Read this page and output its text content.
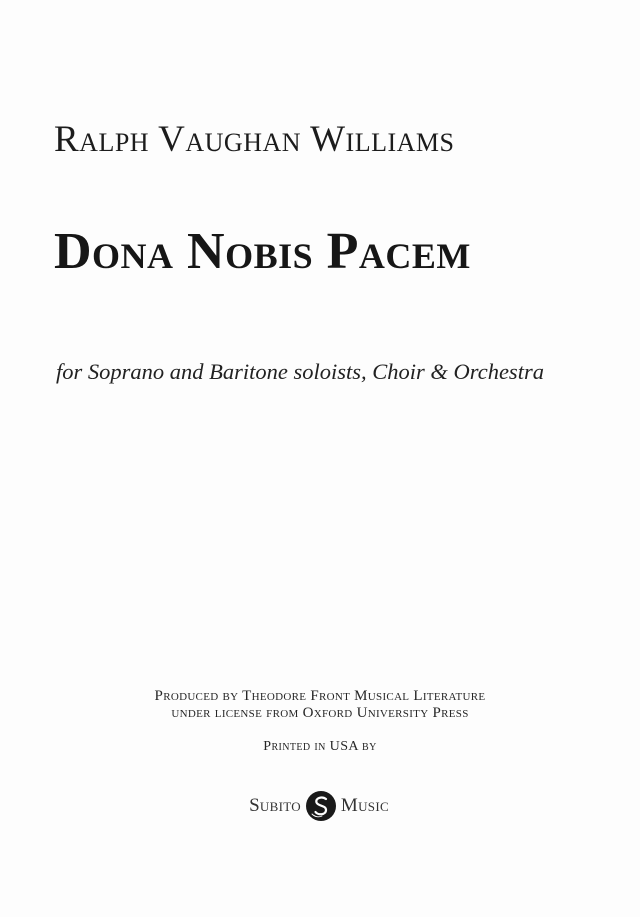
Ralph Vaughan Williams
Dona Nobis Pacem
for Soprano and Baritone soloists, Choir & Orchestra
Produced by Theodore Front Musical Literature
under license from Oxford University Press
Printed in USA by
Subito Music
